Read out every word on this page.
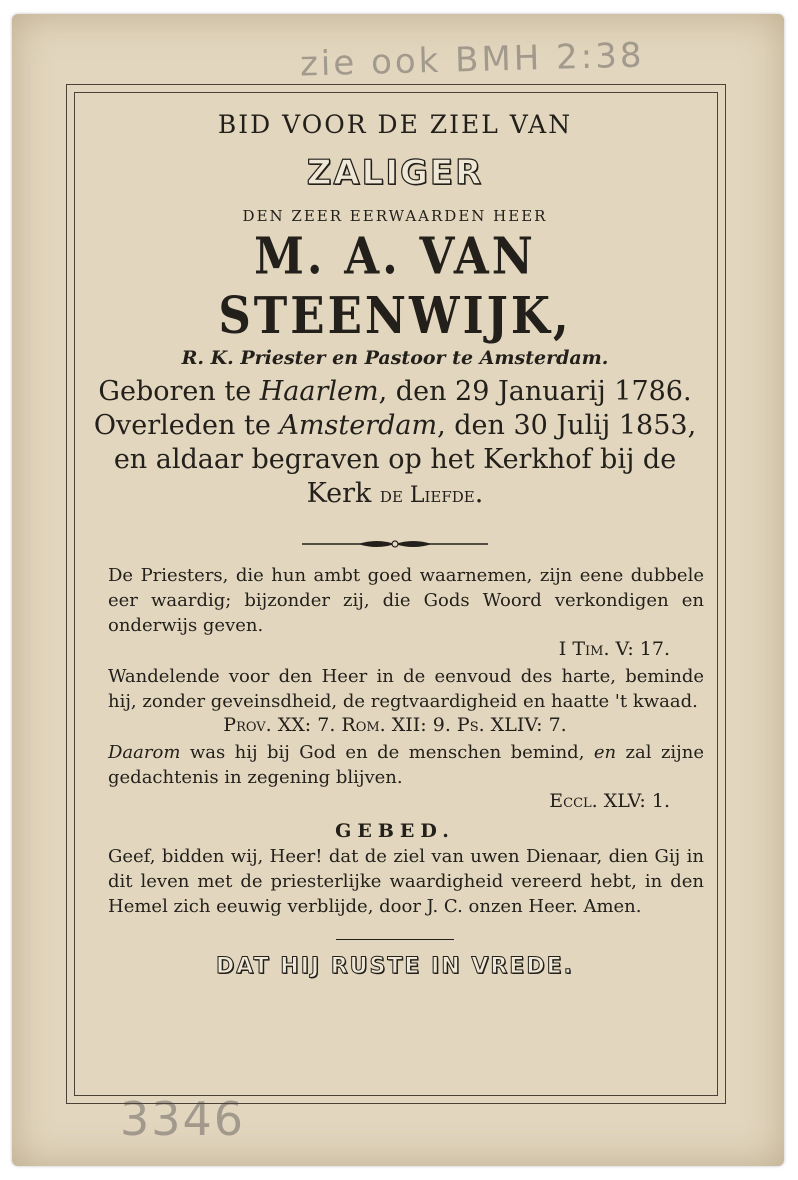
zie ook BMH 2:38
3346
BID VOOR DE ZIEL VAN
ZALIGER
DEN ZEER EERWAARDEN HEER
M. A. VAN STEENWIJK,
R. K. Priester en Pastoor te Amsterdam.
Geboren te Haarlem, den 29 Januarij 1786. Overleden te Amsterdam, den 30 Julij 1853, en aldaar begraven op het Kerkhof bij de Kerk de Liefde.
De Priesters, die hun ambt goed waarnemen, zijn eene dubbele eer waardig; bijzonder zij, die Gods Woord verkondigen en onderwijs geven.
I Tim. V: 17.
Wandelende voor den Heer in de eenvoud des harte, beminde hij, zonder geveinsdheid, de regtvaardigheid en haatte 't kwaad.
Prov. XX: 7. Rom. XII: 9. Ps. XLIV: 7.
Daarom was hij bij God en de menschen bemind, en zal zijne gedachtenis in zegening blijven.
Eccl. XLV: 1.
GEBED.
Geef, bidden wij, Heer! dat de ziel van uwen Dienaar, dien Gij in dit leven met de priesterlijke waardigheid vereerd hebt, in den Hemel zich eeuwig verblijde, door J. C. onzen Heer. Amen.
DAT HIJ RUSTE IN VREDE.
